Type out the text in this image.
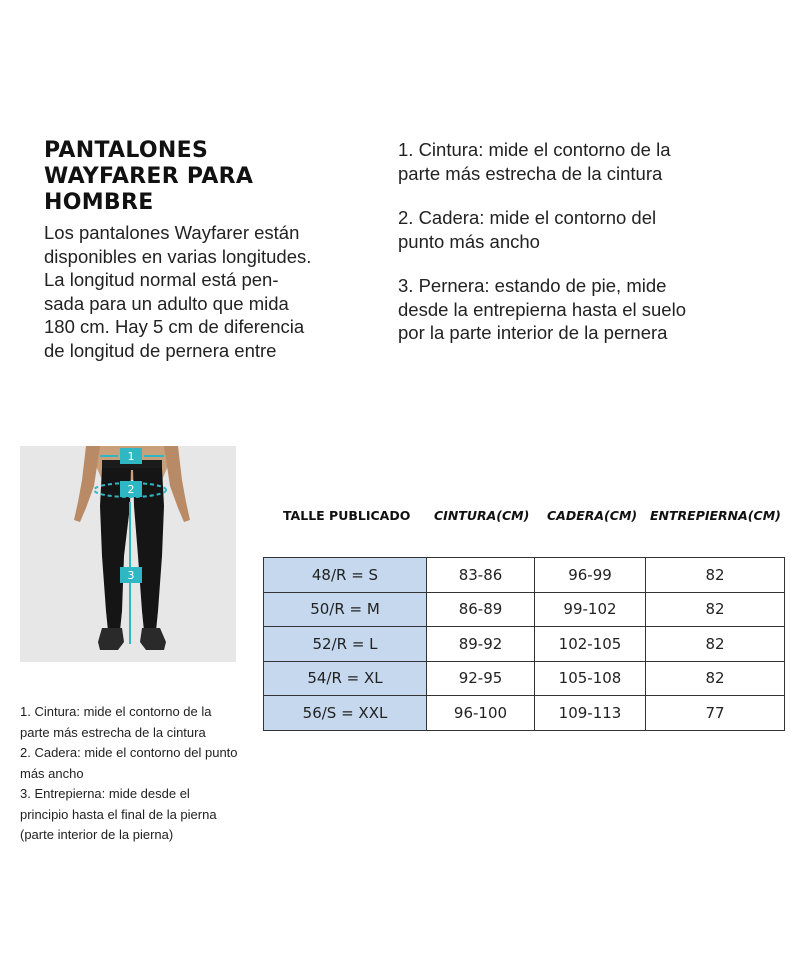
PANTALONES
WAYFARER PARA
HOMBRE
Los pantalones Wayfarer están
disponibles en varias longitudes.
La longitud normal está pen-
sada para un adulto que mida
180 cm. Hay 5 cm de diferencia
de longitud de pernera entre
1. Cintura: mide el contorno de la
parte más estrecha de la cintura
2. Cadera: mide el contorno del
punto más ancho
3. Pernera: estando de pie, mide
desde la entrepierna hasta el suelo
por la parte interior de la pernera
1
2
3
1. Cintura: mide el contorno de la
parte más estrecha de la cintura
2. Cadera: mide el contorno del punto
más ancho
3. Entrepierna: mide desde el
principio hasta el final de la pierna
(parte interior de la pierna)
TALLE PUBLICADO CINTURA(CM) CADERA(CM) ENTREPIERNA(CM)
48/R = S	83-86	96-99	82
50/R = M	86-89	99-102	82
52/R = L	89-92	102-105	82
54/R = XL	92-95	105-108	82
56/S = XXL	96-100	109-113	77
